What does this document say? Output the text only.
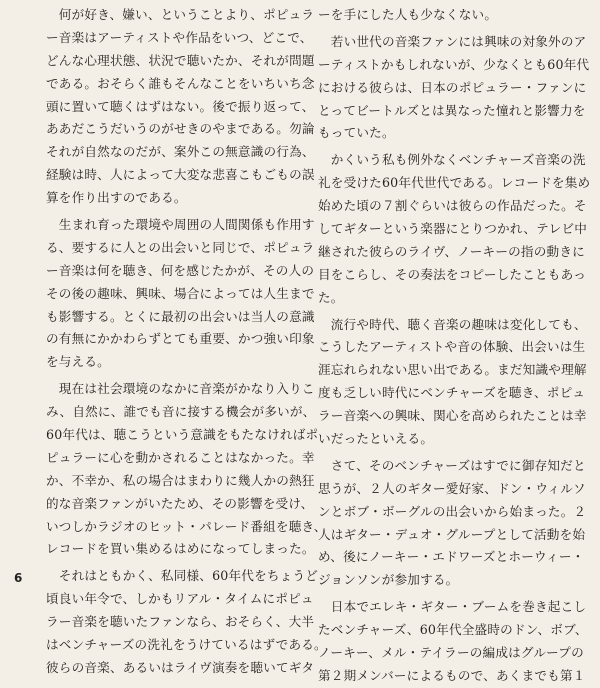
　何が好き、嫌い、ということより、ポピュラ
ー音楽はアーティストや作品をいつ、どこで、
どんな心理状態、状況で聴いたか、それが問題
である。おそらく誰もそんなことをいちいち念
頭に置いて聴くはずはない。後で振り返って、
ああだこうだいうのがせきのやまである。勿論
それが自然なのだが、案外この無意識の行為、
経験は時、人によって大変な悲喜こもごもの誤
算を作り出すのである。
　生まれ育った環境や周囲の人間関係も作用す
る、要するに人との出会いと同じで、ポピュラ
ー音楽は何を聴き、何を感じたかが、その人の
その後の趣味、興味、場合によっては人生まで
も影響する。とくに最初の出会いは当人の意識
の有無にかかわらずとても重要、かつ強い印象
を与える。
　現在は社会環境のなかに音楽がかなり入りこ
み、自然に、誰でも音に接する機会が多いが、
60年代は、聴こうという意識をもたなければポ
ピュラーに心を動かされることはなかった。幸
か、不幸か、私の場合はまわりに幾人かの熱狂
的な音楽ファンがいたため、その影響を受け、
いつしかラジオのヒット・パレード番組を聴き、
レコードを買い集めるはめになってしまった。
　それはともかく、私同様、60年代をちょうど
頃良い年令で、しかもリアル・タイムにポピュ
ラー音楽を聴いたファンなら、おそらく、大半
はベンチャーズの洗礼をうけているはずである。
彼らの音楽、あるいはライヴ演奏を聴いてギタ
ーを手にした人も少なくない。
　若い世代の音楽ファンには興味の対象外のア
ーティストかもしれないが、少なくとも60年代
における彼らは、日本のポピュラー・ファンに
とってビートルズとは異なった憧れと影響力を
もっていた。
　かくいう私も例外なくベンチャーズ音楽の洗
礼を受けた60年代世代である。レコードを集め
始めた頃の７割ぐらいは彼らの作品だった。そ
してギターという楽器にとりつかれ、テレビ中
継された彼らのライヴ、ノーキーの指の動きに
目をこらし、その奏法をコピーしたこともあっ
た。
　流行や時代、聴く音楽の趣味は変化しても、
こうしたアーティストや音の体験、出会いは生
涯忘れられない思い出である。まだ知識や理解
度も乏しい時代にベンチャーズを聴き、ポピュ
ラー音楽への興味、関心を高められたことは幸
いだったといえる。
　さて、そのベンチャーズはすでに御存知だと
思うが、２人のギター愛好家、ドン・ウィルソ
ンとボブ・ボーグルの出会いから始まった。２
人はギター・デュオ・グループとして活動を始
め、後にノーキー・エドワーズとホーウィー・
ジョンソンが参加する。
　日本でエレキ・ギター・ブームを巻き起こし
たベンチャーズ、60年代全盛時のドン、ボブ、
ノーキー、メル・テイラーの編成はグループの
第２期メンバーによるもので、あくまでも第１
6
